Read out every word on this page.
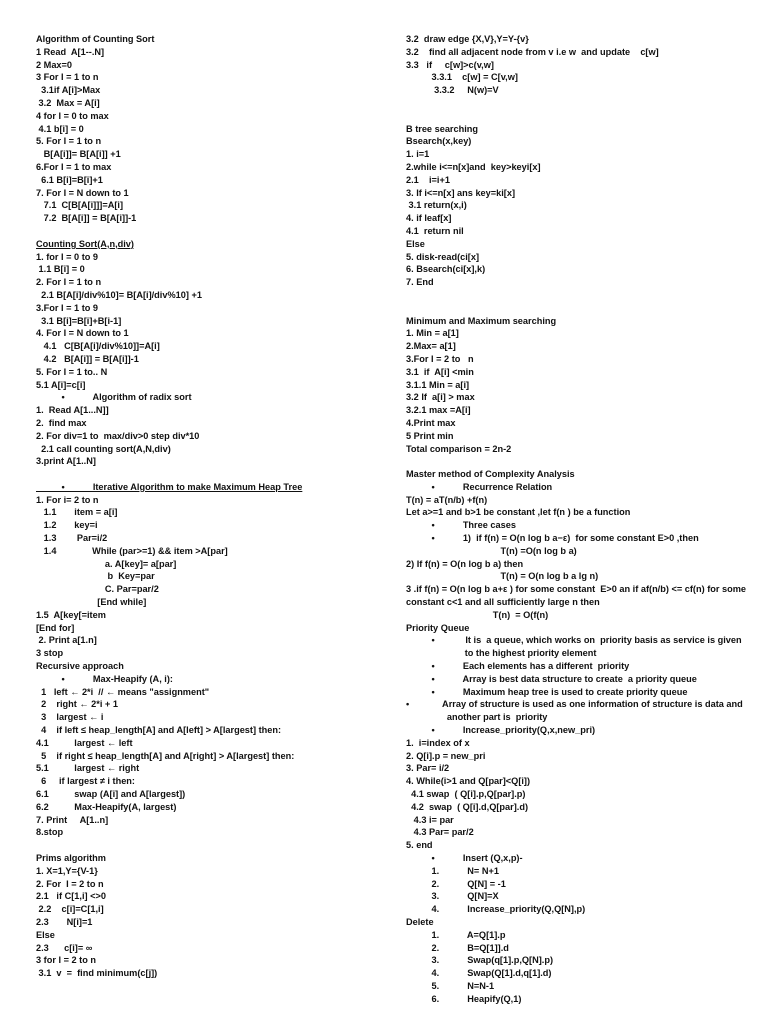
Algorithm of Counting Sort
1 Read  A[1--.N]
2 Max=0
3 For I = 1 to n
3.1if A[i]>Max
3.2  Max = A[i]
4 for I = 0 to max
4.1 b[i] = 0
5. For I = 1 to n
B[A[i]]= B[A[i]] +1
6.For I = 1 to max
6.1 B[i]=B[i]+1
7. For I = N down to 1
7.1  C[B[A[i]]]=A[i]
7.2  B[A[i]] = B[A[i]]-1
Counting Sort(A,n,div)
1. for I = 0 to 9
1.1 B[i] = 0
2. For I = 1 to n
2.1 B[A[i]/div%10]= B[A[i]/div%10] +1
3.For I = 1 to 9
3.1 B[i]=B[i]+B[i-1]
4. For I = N down to 1
4.1   C[B[A[i]/div%10]]=A[i]
4.2   B[A[i]] = B[A[i]]-1
5. For I = 1 to.. N
5.1 A[i]=c[i]
•           Algorithm of radix sort
1.  Read A[1...N]]
2.  find max
2. For div=1 to  max/div>0 step div*10
2.1 call counting sort(A,N,div)
3.print A[1..N]
•           Iterative Algorithm to make Maximum Heap Tree
1. For i= 2 to n
1.1       item = a[i]
1.2       key=i
1.3        Par=i/2
1.4              While (par>=1) && item >A[par]
a. A[key]= a[par]
b  Key=par
C. Par=par/2
[End while]
1.5  A[key[=item
[End for]
2. Print a[1.n]
3 stop
Recursive approach
•           Max-Heapify (A, i):
1   left ← 2*i  // ← means "assignment"
2    right ← 2*i + 1
3    largest ← i
4    if left ≤ heap_length[A] and A[left] > A[largest] then:
4.1          largest ← left
5    if right ≤ heap_length[A] and A[right] > A[largest] then:
5.1          largest ← right
6     if largest ≠ i then:
6.1          swap (A[i] and A[largest])
6.2          Max-Heapify(A, largest)
7. Print     A[1..n]
8.stop
Prims algorithm
1. X=1,Y={V-1}
2. For  I = 2 to n
2.1   if C[1,i] <>0
2.2    c[i]=C[1,i]
2.3       N[i]=1
Else
2.3      c[i]= ∞
3 for I = 2 to n
3.1  v  =  find minimum(c[j])
3.2  draw edge {X,V},Y=Y-{v}
3.2    find all adjacent node from v i.e w  and update    c[w]
3.3   if     c[w]>c(v,w]
3.3.1    c[w] = C[v,w]
3.3.2     N(w)=V
B tree searching
Bsearch(x,key)
1. i=1
2.while i<=n[x]and  key>keyi[x]
2.1    i=i+1
3. If i<=n[x] ans key=ki[x]
3.1 return(x,i)
4. if leaf[x]
4.1  return nil
Else
5. disk-read(ci[x]
6. Bsearch(ci[x],k)
7. End
Minimum and Maximum searching
1. Min = a[1]
2.Max= a[1]
3.For I = 2 to   n
3.1  if  A[i] <min
3.1.1 Min = a[i]
3.2 If  a[i] > max
3.2.1 max =A[i]
4.Print max
5 Print min
Total comparison = 2n-2
Master method of Complexity Analysis
•           Recurrence Relation
T(n) = aT(n/b) +f(n)
Let a>=1 and b>1 be constant ,let f(n ) be a function
•           Three cases
•           1)  if f(n) = O(n log b a−ε)  for some constant E>0 ,then
T(n) =O(n log b a)
2) If f(n) = O(n log b a) then
T(n) = O(n log b a lg n)
3 .if f(n) = O(n log b a+ε ) for some constant  E>0 an if af(n/b) <= cf(n) for some
constant c<1 and all sufficiently large n then
T(n)  = O(f(n)
Priority Queue
•            It is  a queue, which works on  priority basis as service is given
to the highest priority element
•           Each elements has a different  priority
•           Array is best data structure to create  a priority queue
•           Maximum heap tree is used to create priority queue
•             Array of structure is used as one information of structure is data and
another part is  priority
•           Increase_priority(Q,x,new_pri)
1.  i=index of x
2. Q[i].p = new_pri
3. Par= i/2
4. While(i>1 and Q[par]<Q[i])
4.1 swap  ( Q[i].p,Q[par].p)
4.2  swap  ( Q[i].d,Q[par].d)
4.3 i= par
4.3 Par= par/2
5. end
•           Insert (Q,x,p)-
1.           N= N+1
2.           Q[N] = -1
3.           Q[N]=X
4.           Increase_priority(Q,Q[N],p)
Delete
1.           A=Q[1].p
2.           B=Q[1]].d
3.           Swap(q[1].p,Q[N].p)
4.           Swap(Q[1].d,q[1].d)
5.           N=N-1
6.           Heapify(Q,1)
